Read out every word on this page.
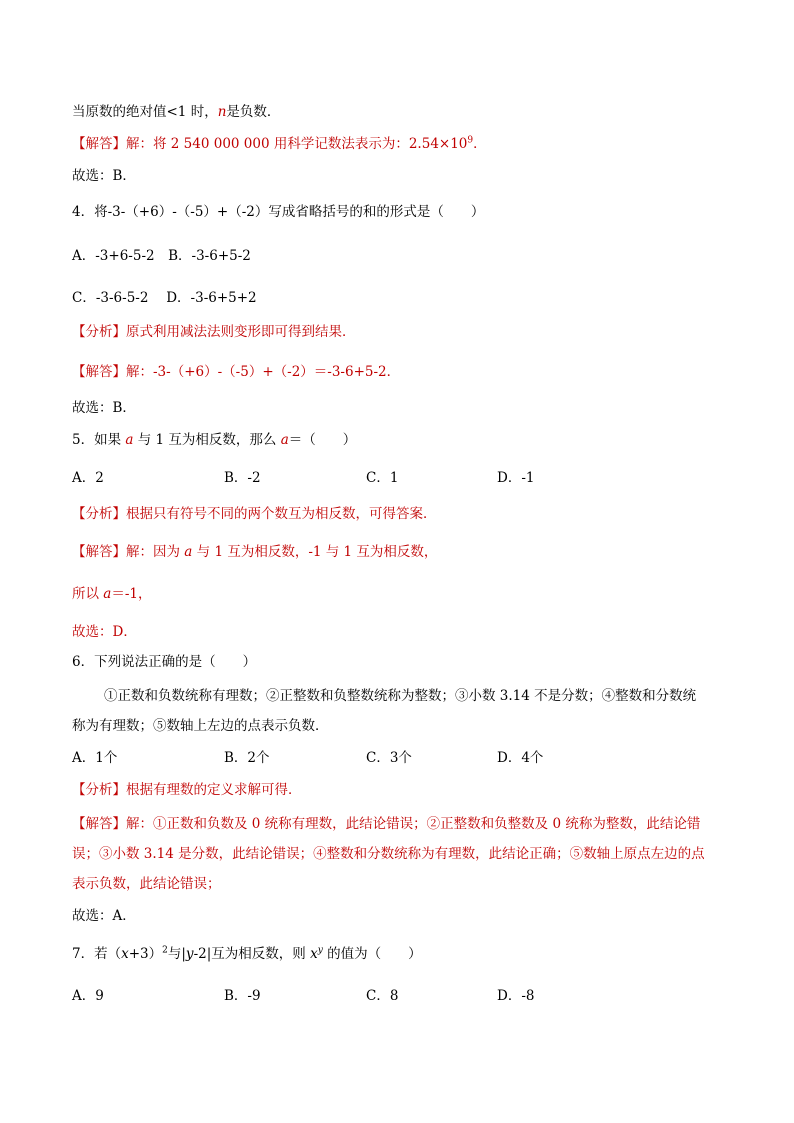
当原数的绝对值<1 时，n是负数．
【解答】解：将 2 540 000 000 用科学记数法表示为：$2.54\times 10^9$．
故选：B．
4．将-3-（+6）-（-5）+（-2）写成省略括号的和的形式是（　　）
A．-3+6-5-2　B．-3-6+5-2
C．-3-6-5-2　 D．-3-6+5+2
【分析】原式利用减法法则变形即可得到结果．
【解答】解：-3-（+6）-（-5）+（-2）＝-3-6+5-2．
故选：B．
5．如果 a 与 1 互为相反数，那么 a＝（　　）
A．2	B．-2	C．1	D．-1
【分析】根据只有符号不同的两个数互为相反数，可得答案．
【解答】解：因为 a 与 1 互为相反数，-1 与 1 互为相反数，
所以 a＝-1，
故选：D．
6．下列说法正确的是（　　）
①正数和负数统称有理数；②正整数和负整数统称为整数；③小数 3.14 不是分数；④整数和分数统
称为有理数；⑤数轴上左边的点表示负数．
A．1个	B．2个	C．3个	D．4个
【分析】根据有理数的定义求解可得．
【解答】解：①正数和负数及 0 统称有理数，此结论错误；②正整数和负整数及 0 统称为整数，此结论错
误；③小数 3.14 是分数，此结论错误；④整数和分数统称为有理数，此结论正确；⑤数轴上原点左边的点
表示负数，此结论错误；
故选：A．
7．若$(x+3)^2$与|y-2|互为相反数，则 $x^y$ 的值为（　　）
A．9	B．-9	C．8	D．-8
